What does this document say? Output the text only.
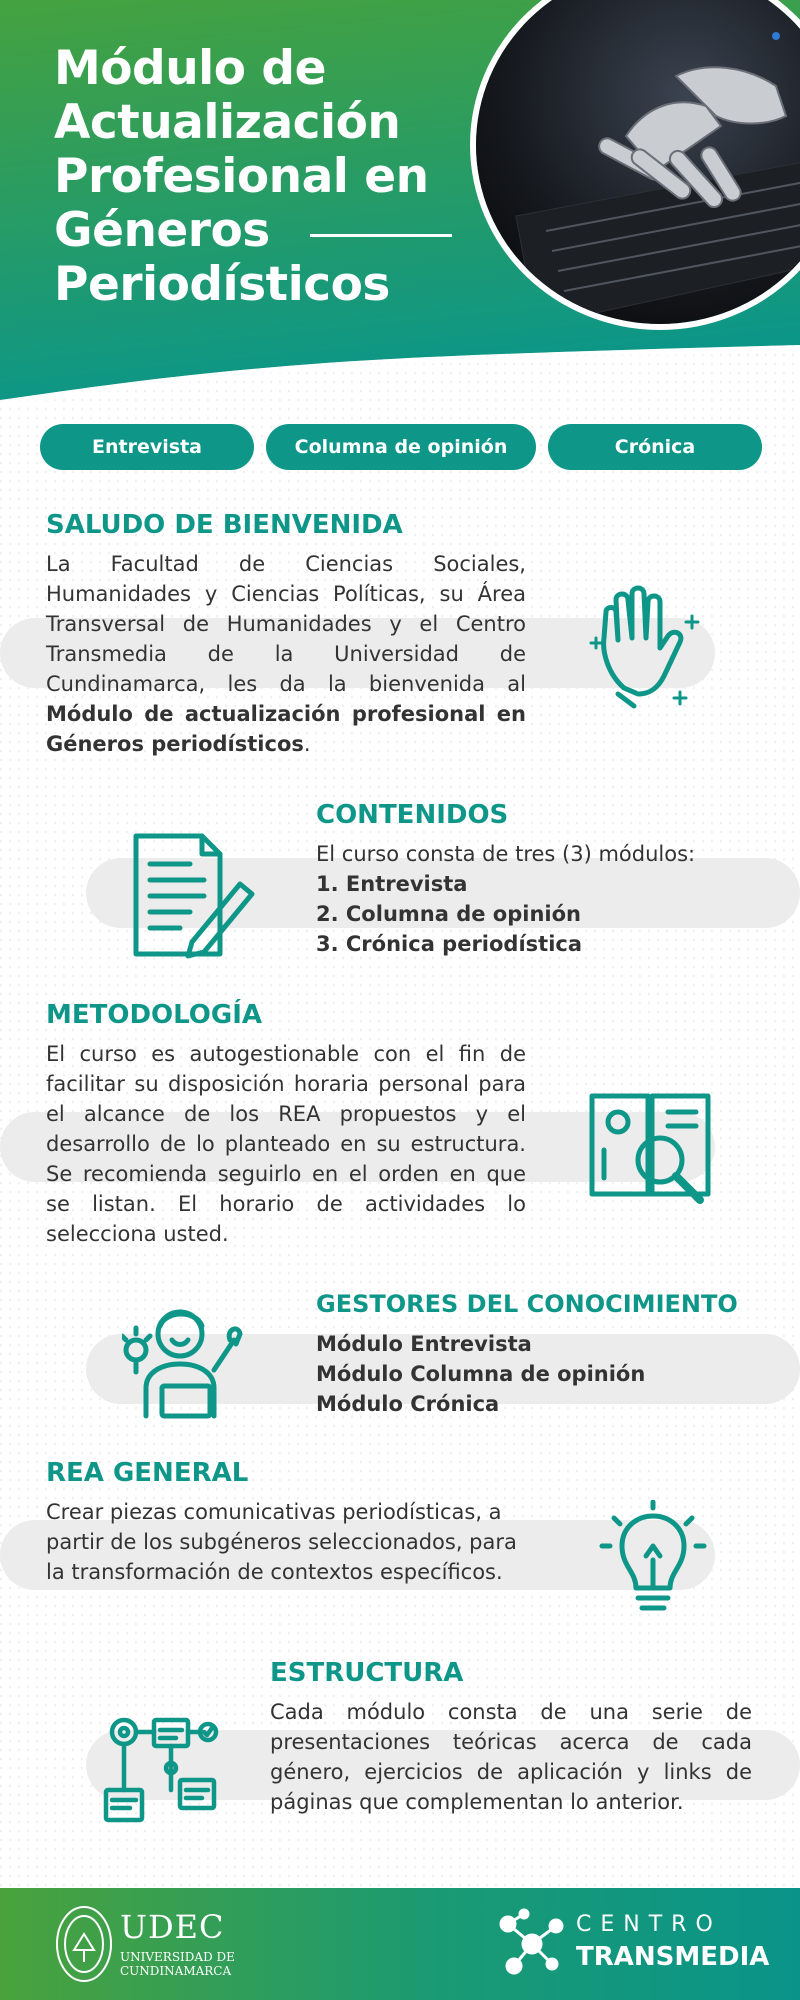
Módulo de
Actualización
Profesional en
Géneros
Periodísticos
Entrevista	Columna de opinión	Crónica
SALUDO DE BIENVENIDA
La Facultad de Ciencias Sociales, Humanidades y Ciencias Políticas, su Área Transversal de Humanidades y el Centro Transmedia de la Universidad de Cundinamarca, les da la bienvenida al Módulo de actualización profesional en Géneros periodísticos.
CONTENIDOS
El curso consta de tres (3) módulos:
1. Entrevista
2. Columna de opinión
3. Crónica periodística
METODOLOGÍA
El curso es autogestionable con el fin de facilitar su disposición horaria personal para el alcance de los REA propuestos y el desarrollo de lo planteado en su estructura. Se recomienda seguirlo en el orden en que se listan. El horario de actividades lo selecciona usted.
GESTORES DEL CONOCIMIENTO
Módulo Entrevista
Módulo Columna de opinión
Módulo Crónica
REA GENERAL
Crear piezas comunicativas periodísticas, a partir de los subgéneros seleccionados, para la transformación de contextos específicos.
ESTRUCTURA
Cada módulo consta de una serie de presentaciones teóricas acerca de cada género, ejercicios de aplicación y links de páginas que complementan lo anterior.
UDEC
UNIVERSIDAD DE CUNDINAMARCA
CENTRO
TRANSMEDIA
